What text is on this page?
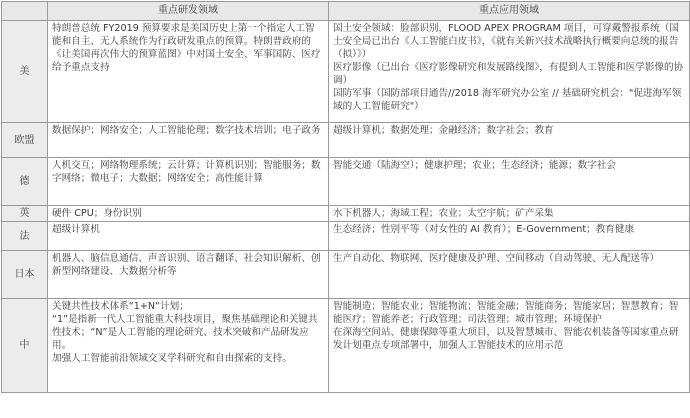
	重点研发领域	重点应用领域
美	特朗普总统 FY2019 预算要求是美国历史上第一个指定人工智能和自主、无人系统作为行政研发重点的预算。特朗普政府的《让美国再次伟大的预算蓝图》中对国土安全、军事国防、医疗给予重点支持	国土安全领域：脸部识别，FLOOD APEX PROGRAM 项目，可穿戴警报系统（国土安全局已出台《人工智能白皮书》，《就有关新兴技术战略执行概要向总统的报告（拟）》）
医疗影像（已出台《医疗影像研究和发展路线图》，有提到人工智能和医学影像的协调）
国防军事（国防部项目通告//2018 海军研究办公室 // 基础研究机会："促进海军领域的人工智能研究"）
欧盟	数据保护；网络安全；人工智能伦理；数字技术培训；电子政务	超级计算机；数据处理；金融经济；数字社会；教育
德	人机交互；网络物理系统；云计算；计算机识别；智能服务；数字网络；微电子；大数据；网络安全；高性能计算	智能交通（陆海空）；健康护理；农业；生态经济；能源；数字社会
英	硬件 CPU；身份识别	水下机器人；海域工程；农业；太空宇航；矿产采集
法	超级计算机	生态经济；性别平等（对女性的 AI 教育）；E-Government；教育健康
日本	机器人、脑信息通信、声音识别、语言翻译、社会知识解析、创新型网络建设、大数据分析等	生产自动化、物联网、医疗健康及护理、空间移动（自动驾驶、无人配送等）
中	关键共性技术体系“1+N”计划；
“1”是指新一代人工智能重大科技项目，聚焦基础理论和关键共性技术；“N”是人工智能的理论研究、技术突破和产品研发应用。
加强人工智能前沿领域交叉学科研究和自由探索的支持。	智能制造；智能农业；智能物流；智能金融；智能商务；智能家居；智慧教育；智能医疗；智能养老；行政管理；司法管理；城市管理；环境保护
在深海空间站、健康保障等重大项目，以及智慧城市、智能农机装备等国家重点研发计划重点专项部署中，加强人工智能技术的应用示范
